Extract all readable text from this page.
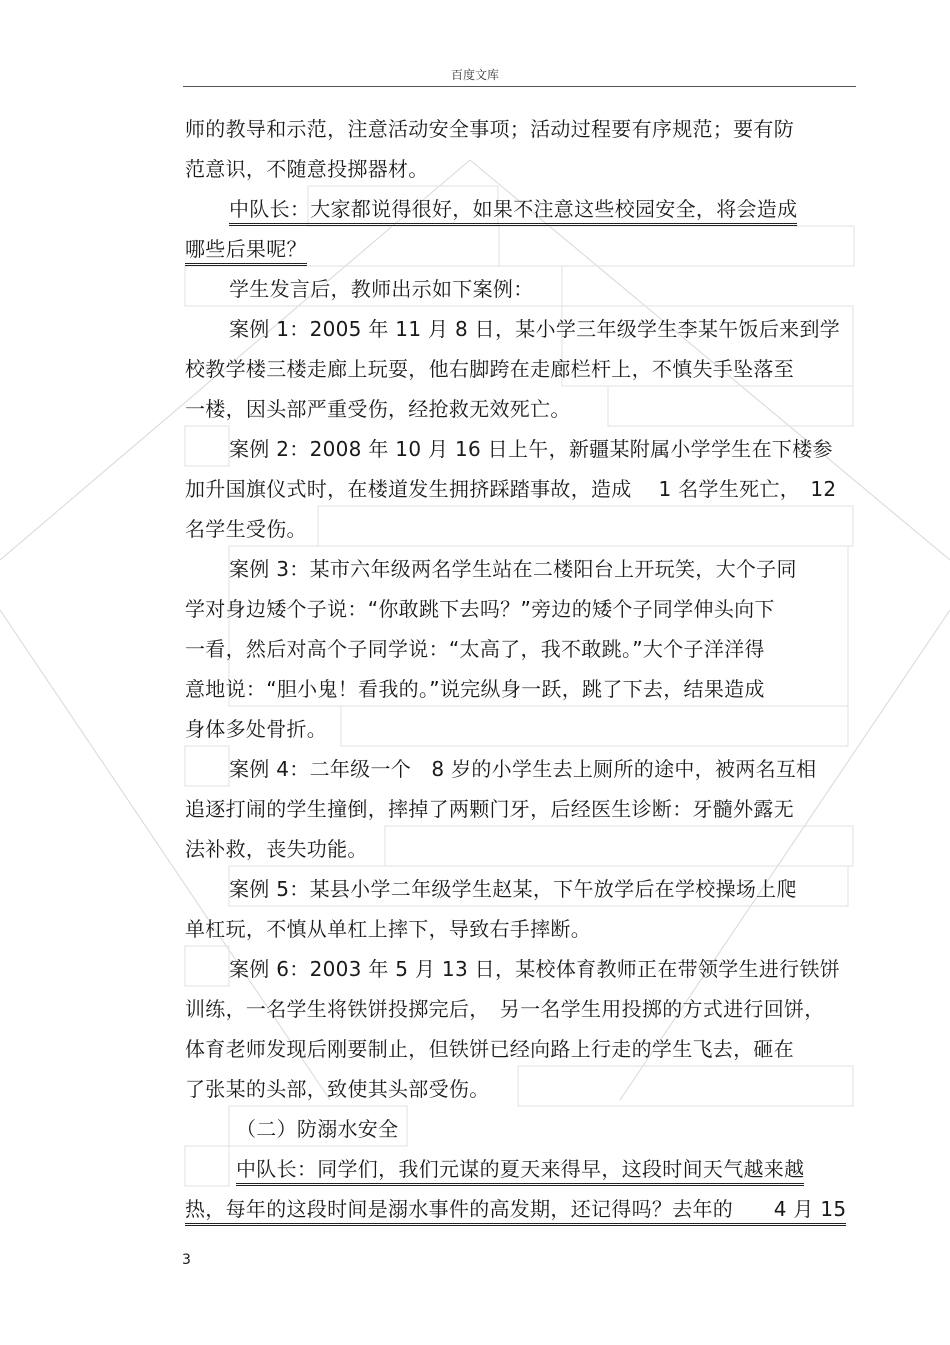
百度文库
师的教导和示范，注意活动安全事项；活动过程要有序规范；要有防
范意识，不随意投掷器材。
中队长：大家都说得很好，如果不注意这些校园安全，将会造成
哪些后果呢？
学生发言后，教师出示如下案例：
案例 1：2005 年 11 月 8 日，某小学三年级学生李某午饭后来到学
校教学楼三楼走廊上玩耍，他右脚跨在走廊栏杆上，不慎失手坠落至
一楼，因头部严重受伤，经抢救无效死亡。
案例 2：2008 年 10 月 16 日上午，新疆某附属小学学生在下楼参
加升国旗仪式时，在楼道发生拥挤踩踏事故，造成　 1 名学生死亡，　12
名学生受伤。
案例 3：某市六年级两名学生站在二楼阳台上开玩笑，大个子同
学对身边矮个子说：“你敢跳下去吗？”旁边的矮个子同学伸头向下
一看，然后对高个子同学说：“太高了，我不敢跳。”大个子洋洋得
意地说：“胆小鬼！看我的。”说完纵身一跃，跳了下去，结果造成
身体多处骨折。
案例 4：二年级一个　8 岁的小学生去上厕所的途中，被两名互相
追逐打闹的学生撞倒，摔掉了两颗门牙，后经医生诊断：牙髓外露无
法补救，丧失功能。
案例 5：某县小学二年级学生赵某，下午放学后在学校操场上爬
单杠玩，不慎从单杠上摔下，导致右手摔断。
案例 6：2003 年 5 月 13 日，某校体育教师正在带领学生进行铁饼
训练，一名学生将铁饼投掷完后，　另一名学生用投掷的方式进行回饼，
体育老师发现后刚要制止，但铁饼已经向路上行走的学生飞去，砸在
了张某的头部，致使其头部受伤。
（二）防溺水安全
中队长：同学们，我们元谋的夏天来得早，这段时间天气越来越
热，每年的这段时间是溺水事件的高发期，还记得吗？去年的　　4 月 15
3
